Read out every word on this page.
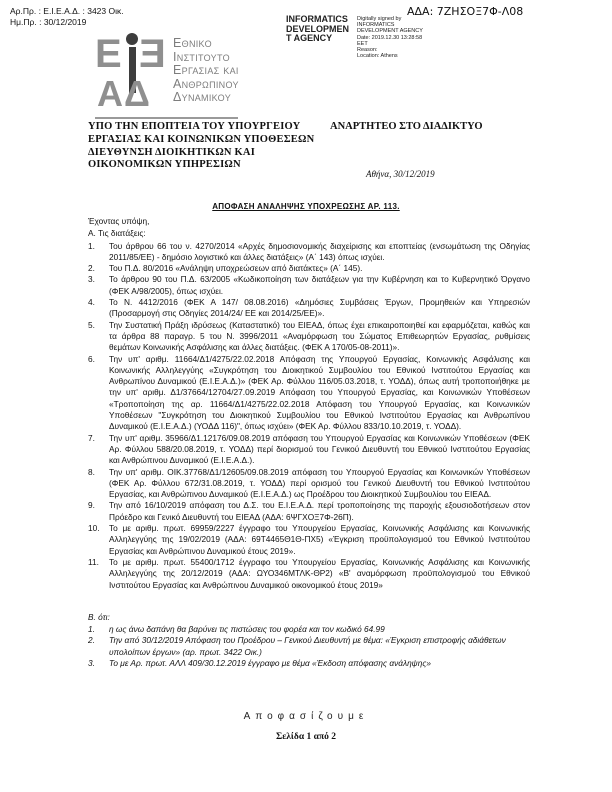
Αρ.Πρ. : Ε.Ι.Ε.Α.Δ. : 3423 Οικ.
Ημ.Πρ. : 30/12/2019
ΑΔΑ: 7ΖΗΣΟΞ7Φ-Λ08
INFORMATICS
DEVELOPMEN
T AGENCY
Digitally signed by
INFORMATICS
DEVELOPMENT AGENCY
Date: 2019.12.30 13:28:58
EET
Reason:
Location: Athens
Ε Ε
ΑΔ
Εθνικο
Ινστιτουτο
Εργασιας και
Ανθρωπινου
Δυναμικου
ΥΠΟ ΤΗΝ ΕΠΟΠΤΕΙΑ ΤΟΥ ΥΠΟΥΡΓΕΙΟΥ
ΕΡΓΑΣΙΑΣ ΚΑΙ ΚΟΙΝΩΝΙΚΩΝ ΥΠΟΘΕΣΕΩΝ
ΔΙΕΥΘΥΝΣΗ ΔΙΟΙΚΗΤΙΚΩΝ ΚΑΙ
ΟΙΚΟΝΟΜΙΚΩΝ ΥΠΗΡΕΣΙΩΝ
ΑΝΑΡΤΗΤΕΟ ΣΤΟ ΔΙΑΔΙΚΤΥΟ
Αθήνα, 30/12/2019
ΑΠΟΦΑΣΗ ΑΝΑΛΗΨΗΣ ΥΠΟΧΡΕΩΣΗΣ ΑΡ. 113.
Έχοντας υπόψη,
Α. Τις διατάξεις:
1.	Του άρθρου 66 του ν. 4270/2014 «Αρχές δημοσιονομικής διαχείρισης και εποπτείας (ενσωμάτωση της Οδηγίας 2011/85/ΕΕ) - δημόσιο λογιστικό και άλλες διατάξεις» (Α΄ 143) όπως ισχύει.
2.	Του Π.Δ. 80/2016 «Ανάληψη υποχρεώσεων από διατάκτες» (Α΄ 145).
3.	Το άρθρου 90 του Π.Δ. 63/2005 «Κωδικοποίηση των διατάξεων για την Κυβέρνηση και το Κυβερνητικό Όργανο (ΦΕΚ Α/98/2005), όπως ισχύει.
4.	Το Ν. 4412/2016 (ΦΕΚ Α 147/ 08.08.2016) «Δημόσιες Συμβάσεις Έργων, Προμηθειών και Υπηρεσιών (Προσαρμογή στις Οδηγίες 2014/24/ ΕΕ και 2014/25/ΕΕ)».
5.	Την Συστατική Πράξη ιδρύσεως (Καταστατικό) του ΕΙΕΑΔ, όπως έχει επικαιροποιηθεί και εφαρμόζεται, καθώς και τα άρθρα 88 παραγρ. 5 του Ν. 3996/2011 «Αναμόρφωση του Σώματος Επιθεωρητών Εργασίας, ρυθμίσεις θεμάτων Κοινωνικής Ασφάλισης και άλλες διατάξεις. (ΦΕΚ Α 170/05-08-2011)».
6.	Την υπ' αριθμ. 11664/Δ1/4275/22.02.2018 Απόφαση της Υπουργού Εργασίας, Κοινωνικής Ασφάλισης και Κοινωνικής Αλληλεγγύης «Συγκρότηση του Διοικητικού Συμβουλίου του Εθνικού Ινστιτούτου Εργασίας και Ανθρωπίνου Δυναμικού (Ε.Ι.Ε.Α.Δ.)» (ΦΕΚ Αρ. Φύλλου 116/05.03.2018, τ. ΥΟΔΔ), όπως αυτή τροποποιήθηκε με την υπ' αριθμ. Δ1/37664/12704/27.09.2019 Απόφαση του Υπουργού Εργασίας, και Κοινωνικών Υποθέσεων «Τροποποίηση της αρ. 11664/Δ1/4275/22.02.2018 Απόφαση του Υπουργού Εργασίας, και Κοινωνικών Υποθέσεων "Συγκρότηση του Διοικητικού Συμβουλίου του Εθνικού Ινστιτούτου Εργασίας και Ανθρωπίνου Δυναμικού (Ε.Ι.Ε.Α.Δ.) (ΥΟΔΔ 116)", όπως ισχύει» (ΦΕΚ Αρ. Φύλλου 833/10.10.2019, τ. ΥΟΔΔ).
7.	Την υπ' αριθμ. 35966/Δ1.12176/09.08.2019 απόφαση του Υπουργού Εργασίας και Κοινωνικών Υποθέσεων (ΦΕΚ Αρ. Φύλλου 588/20.08.2019, τ. ΥΟΔΔ) περί διορισμού του Γενικού Διευθυντή του Εθνικού Ινστιτούτου Εργασίας και Ανθρώπινου Δυναμικού (Ε.Ι.Ε.Α.Δ.).
8.	Την υπ' αριθμ. ΟΙΚ.37768/Δ1/12605/09.08.2019 απόφαση του Υπουργού Εργασίας και Κοινωνικών Υποθέσεων (ΦΕΚ Αρ. Φύλλου 672/31.08.2019, τ. ΥΟΔΔ) περί ορισμού του Γενικού Διευθυντή του Εθνικού Ινστιτούτου Εργασίας, και Ανθρώπινου Δυναμικού (Ε.Ι.Ε.Α.Δ.) ως Προέδρου του Διοικητικού Συμβουλίου του ΕΙΕΑΔ.
9.	Την από 16/10/2019 απόφαση του Δ.Σ. του Ε.Ι.Ε.Α.Δ. περί τροποποίησης της παροχής εξουσιοδοτήσεων στον Πρόεδρο και Γενικό Διευθυντή του ΕΙΕΑΔ (ΑΔΑ: 6ΨΓΧΟΞ7Φ-26Π).
10.	Το με αριθμ. πρωτ. 69959/2227 έγγραφο του Υπουργείου Εργασίας, Κοινωνικής Ασφάλισης και Κοινωνικής Αλληλεγγύης της 19/02/2019 (ΑΔΑ: 69Τ4465Θ1Θ-ΠΧ5) «Έγκριση προϋπολογισμού του Εθνικού Ινστιτούτου Εργασίας και Ανθρώπινου Δυναμικού έτους 2019».
11.	Το με αριθμ. πρωτ. 55400/1712 έγγραφο του Υπουργείου Εργασίας, Κοινωνικής Ασφάλισης και Κοινωνικής Αλληλεγγύης της 20/12/2019 (ΑΔΑ: ΩΥΟ346ΜΤΛΚ-ΘΡ2) «Β' αναμόρφωση προϋπολογισμού του Εθνικού Ινστιτούτου Εργασίας και Ανθρώπινου Δυναμικού οικονομικού έτους 2019»
Β. ότι:
1.	η ως άνω δαπάνη θα βαρύνει τις πιστώσεις του φορέα και τον κωδικό 64.99
2.	Την από 30/12/2019 Απόφαση του Προέδρου – Γενικού Διευθυντή με θέμα: «Έγκριση επιστροφής αδιάθετων υπολοίπων έργων» (αρ. πρωτ. 3422 Οικ.)
3.	Το με Αρ. πρωτ. ΑΛΛ 409/30.12.2019 έγγραφο με θέμα «Έκδοση απόφασης ανάληψης»
Αποφασίζουμε
Σελίδα 1 από 2
